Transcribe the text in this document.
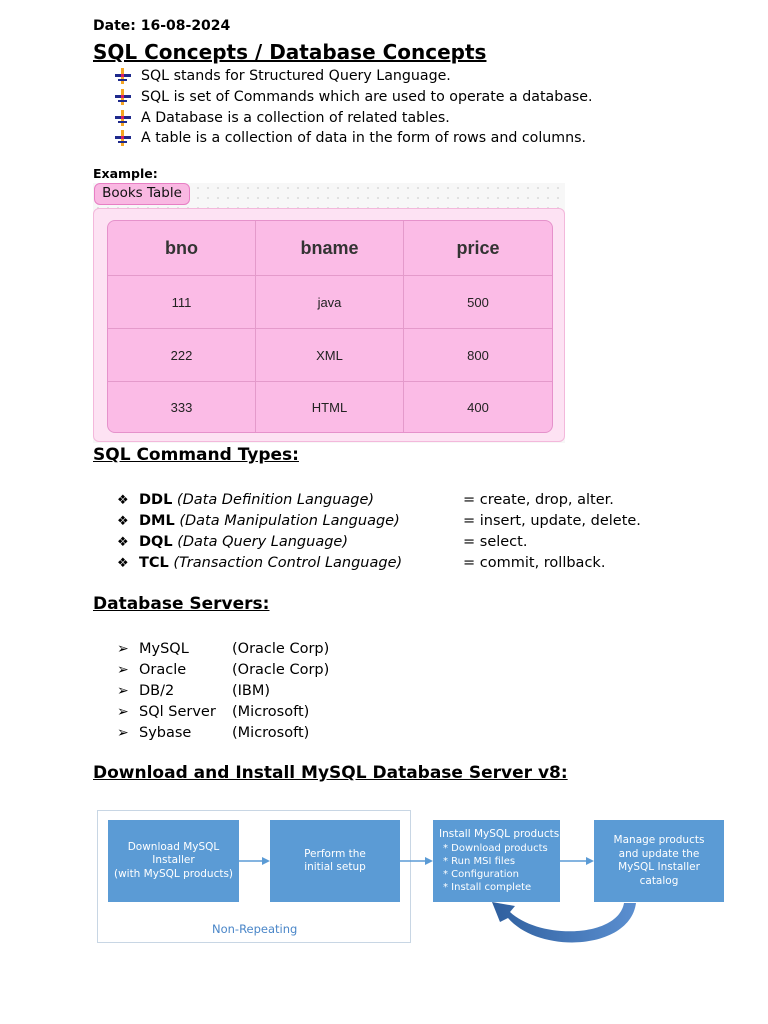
Date: 16-08-2024
SQL Concepts / Database Concepts
SQL stands for Structured Query Language.
SQL is set of Commands which are used to operate a database.
A Database is a collection of related tables.
A table is a collection of data in the form of rows and columns.
Example:
Books Table
bno	bname	price
111	java	500
222	XML	800
333	HTML	400
SQL Command Types:
❖ DDL (Data Definition Language)	= create, drop, alter.
❖ DML (Data Manipulation Language)	= insert, update, delete.
❖ DQL (Data Query Language)	= select.
❖ TCL (Transaction Control Language)	= commit, rollback.
Database Servers:
➢ MySQL	(Oracle Corp)
➢ Oracle	(Oracle Corp)
➢ DB/2	(IBM)
➢ SQl Server (Microsoft)
➢ Sybase	(Microsoft)
Download and Install MySQL Database Server v8:
Download MySQL
Installer
(with MySQL products)
Perform the
initial setup
Install MySQL products
* Download products
* Run MSI files
* Configuration
* Install complete
Manage products
and update the
MySQL Installer
catalog
Non-Repeating
